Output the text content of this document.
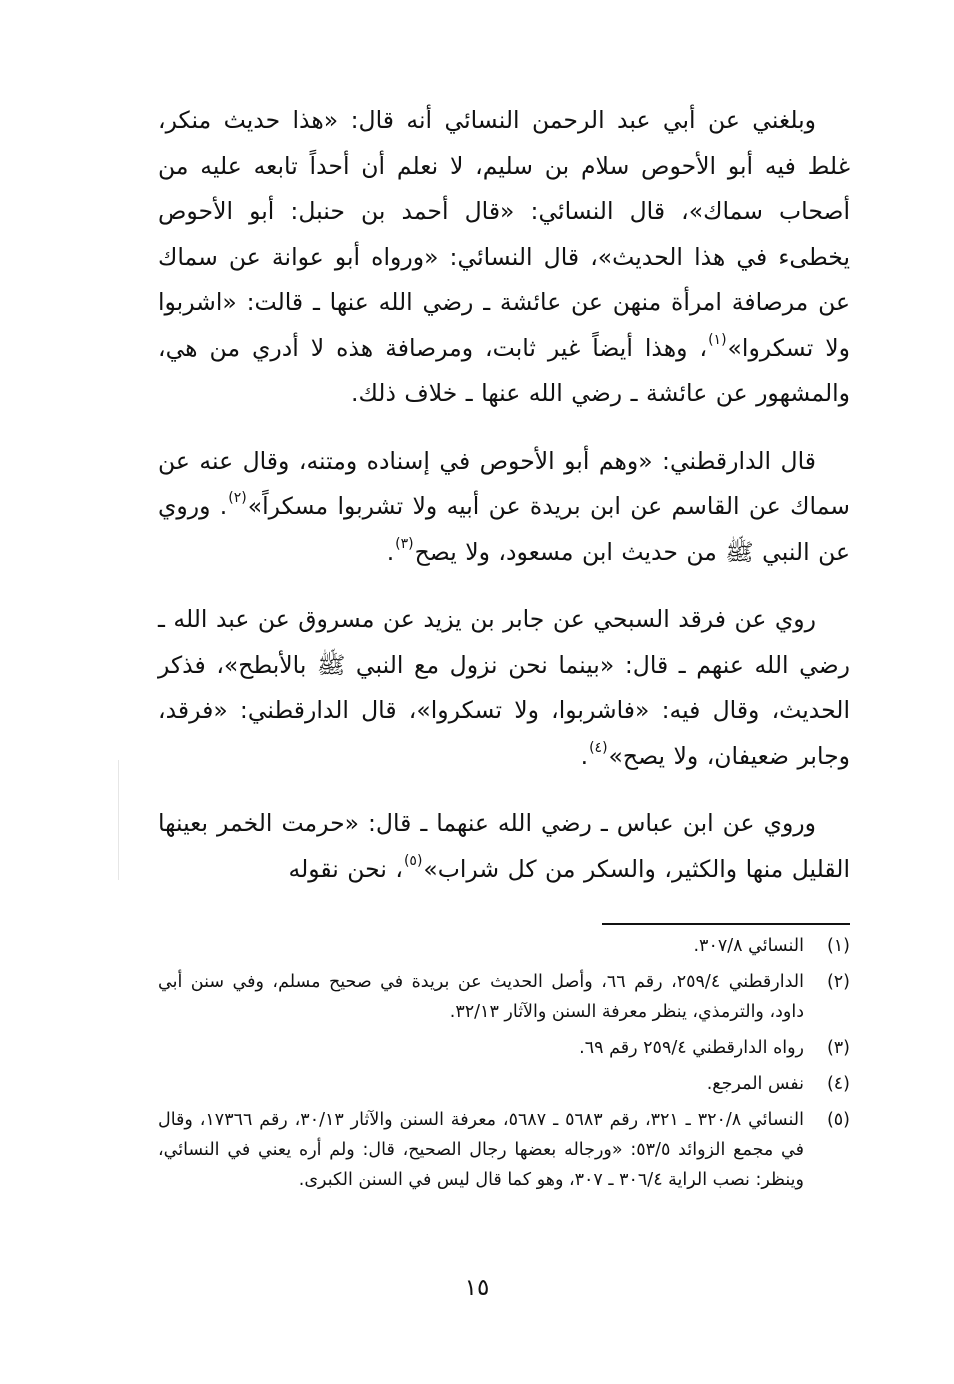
وبلغني عن أبي عبد الرحمن النسائي أنه قال: «هذا حديث منكر، غلط فيه أبو الأحوص سلام بن سليم، لا نعلم أن أحداً تابعه عليه من أصحاب سماك»، قال النسائي: «قال أحمد بن حنبل: أبو الأحوص يخطىء في هذا الحديث»، قال النسائي: «ورواه أبو عوانة عن سماك عن مرصافة امرأة منهن عن عائشة ـ رضي الله عنها ـ قالت: «اشربوا ولا تسكروا»$^{(١)}$، وهذا أيضاً غير ثابت، ومرصافة هذه لا أدري من هي، والمشهور عن عائشة ـ رضي الله عنها ـ خلاف ذلك.

قال الدارقطني: «وهم أبو الأحوص في إسناده ومتنه، وقال عنه عن سماك عن القاسم عن ابن بريدة عن أبيه ولا تشربوا مسكراً»$^{(٢)}$. وروي عن النبي ﷺ من حديث ابن مسعود، ولا يصح$^{(٣)}$.

روي عن فرقد السبحي عن جابر بن يزيد عن مسروق عن عبد الله ـ رضي الله عنهم ـ قال: «بينما نحن نزول مع النبي ﷺ بالأبطح»، فذكر الحديث، وقال فيه: «فاشربوا، ولا تسكروا»، قال الدارقطني: «فرقد، وجابر ضعيفان، ولا يصح»$^{(٤)}$.

وروي عن ابن عباس ـ رضي الله عنهما ـ قال: «حرمت الخمر بعينها القليل منها والكثير، والسكر من كل شراب»$^{(٥)}$، نحن نقوله

(١)
النسائي ٣٠٧/٨.
(٢)
الدارقطني ٢٥٩/٤، رقم ٦٦، وأصل الحديث عن بريدة في صحيح مسلم، وفي سنن أبي داود، والترمذي، ينظر معرفة السنن والآثار ٣٢/١٣.
(٣)
رواه الدارقطني ٢٥٩/٤ رقم ٦٩.
(٤)
نفس المرجع.
(٥)
النسائي ٣٢٠/٨ ـ ٣٢١، رقم ٥٦٨٣ ـ ٥٦٨٧، معرفة السنن والآثار ٣٠/١٣، رقم ١٧٣٦٦، وقال في مجمع الزوائد ٥٣/٥: «ورجاله بعضها رجال الصحيح، قال: ولم أره يعني في النسائي، وينظر: نصب الراية ٣٠٦/٤ ـ ٣٠٧، وهو كما قال ليس في السنن الكبرى.
١٥
